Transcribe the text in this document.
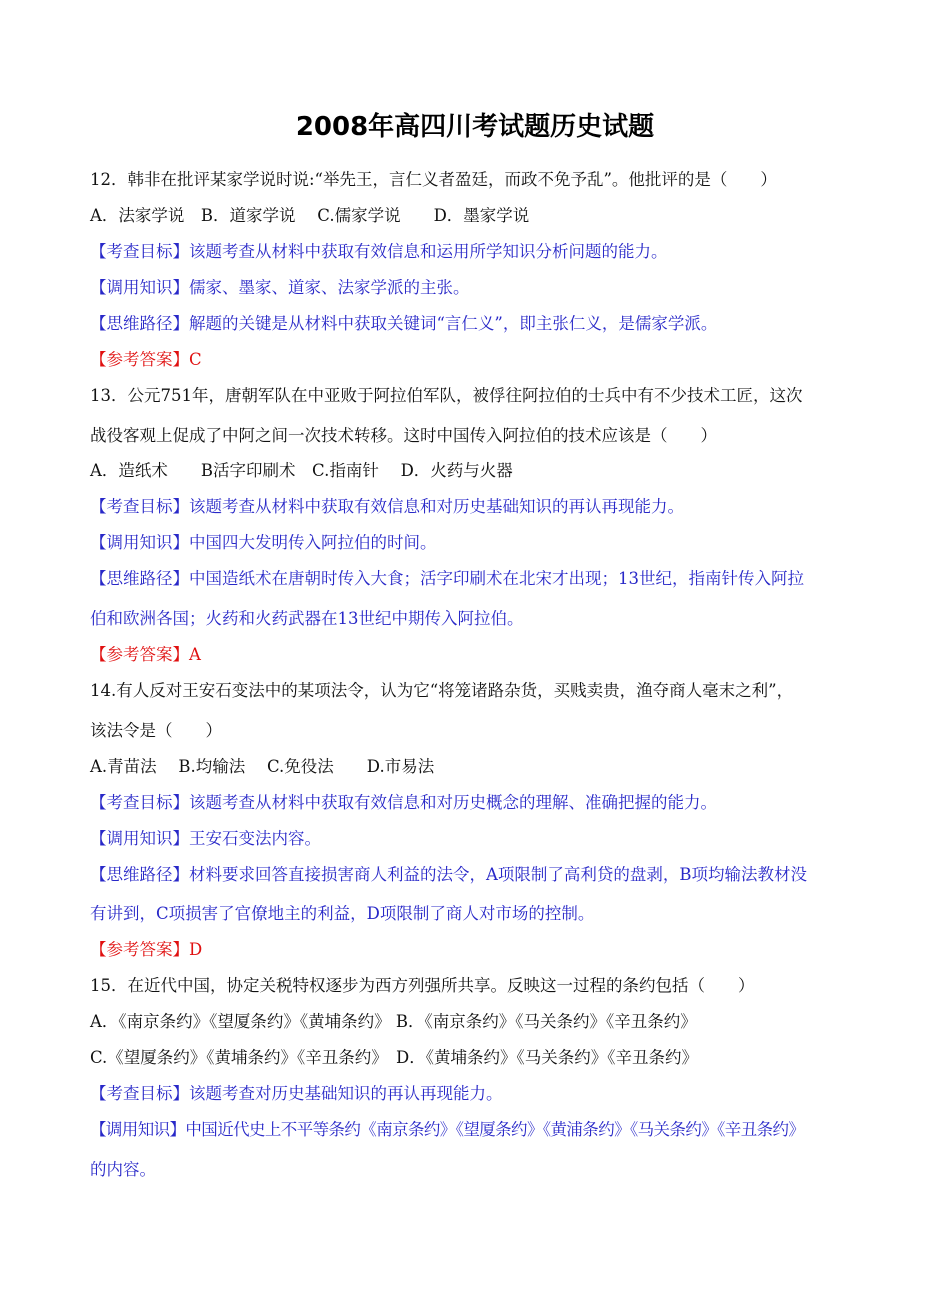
2008年高四川考试题历史试题
12．韩非在批评某家学说时说:“举先王，言仁义者盈廷，而政不免予乱”。他批评的是（　　）
A．法家学说　B．道家学说　 C.儒家学说　　D．墨家学说
【考查目标】该题考查从材料中获取有效信息和运用所学知识分析问题的能力。
【调用知识】儒家、墨家、道家、法家学派的主张。
【思维路径】解题的关键是从材料中获取关键词“言仁义”，即主张仁义，是儒家学派。
【参考答案】C
13．公元751年，唐朝军队在中亚败于阿拉伯军队，被俘往阿拉伯的士兵中有不少技术工匠，这次
战役客观上促成了中阿之间一次技术转移。这时中国传入阿拉伯的技术应该是（　　）
A．造纸术　　B活字印刷术　C.指南针　 D．火药与火器
【考查目标】该题考查从材料中获取有效信息和对历史基础知识的再认再现能力。
【调用知识】中国四大发明传入阿拉伯的时间。
【思维路径】中国造纸术在唐朝时传入大食；活字印刷术在北宋才出现；13世纪，指南针传入阿拉
伯和欧洲各国；火药和火药武器在13世纪中期传入阿拉伯。
【参考答案】A
14.有人反对王安石变法中的某项法令，认为它“将笼诸路杂货，买贱卖贵，渔夺商人毫末之利”，
该法令是（　　）
A.青苗法　 B.均输法　 C.免役法　　D.市易法
【考查目标】该题考查从材料中获取有效信息和对历史概念的理解、准确把握的能力。
【调用知识】王安石变法内容。
【思维路径】材料要求回答直接损害商人利益的法令，A项限制了高利贷的盘剥，B项均输法教材没
有讲到，C项损害了官僚地主的利益，D项限制了商人对市场的控制。
【参考答案】D
15．在近代中国，协定关税特权逐步为西方列强所共享。反映这一过程的条约包括（　　）
A．《南京条约》《望厦条约》《黄埔条约》 B．《南京条约》《马关条约》《辛丑条约》
C.《望厦条约》《黄埔条约》《辛丑条约》　D．《黄埔条约》《马关条约》《辛丑条约》
【考查目标】该题考查对历史基础知识的再认再现能力。
【调用知识】中国近代史上不平等条约《南京条约》《望厦条约》《黄浦条约》《马关条约》《辛丑条约》
的内容。
